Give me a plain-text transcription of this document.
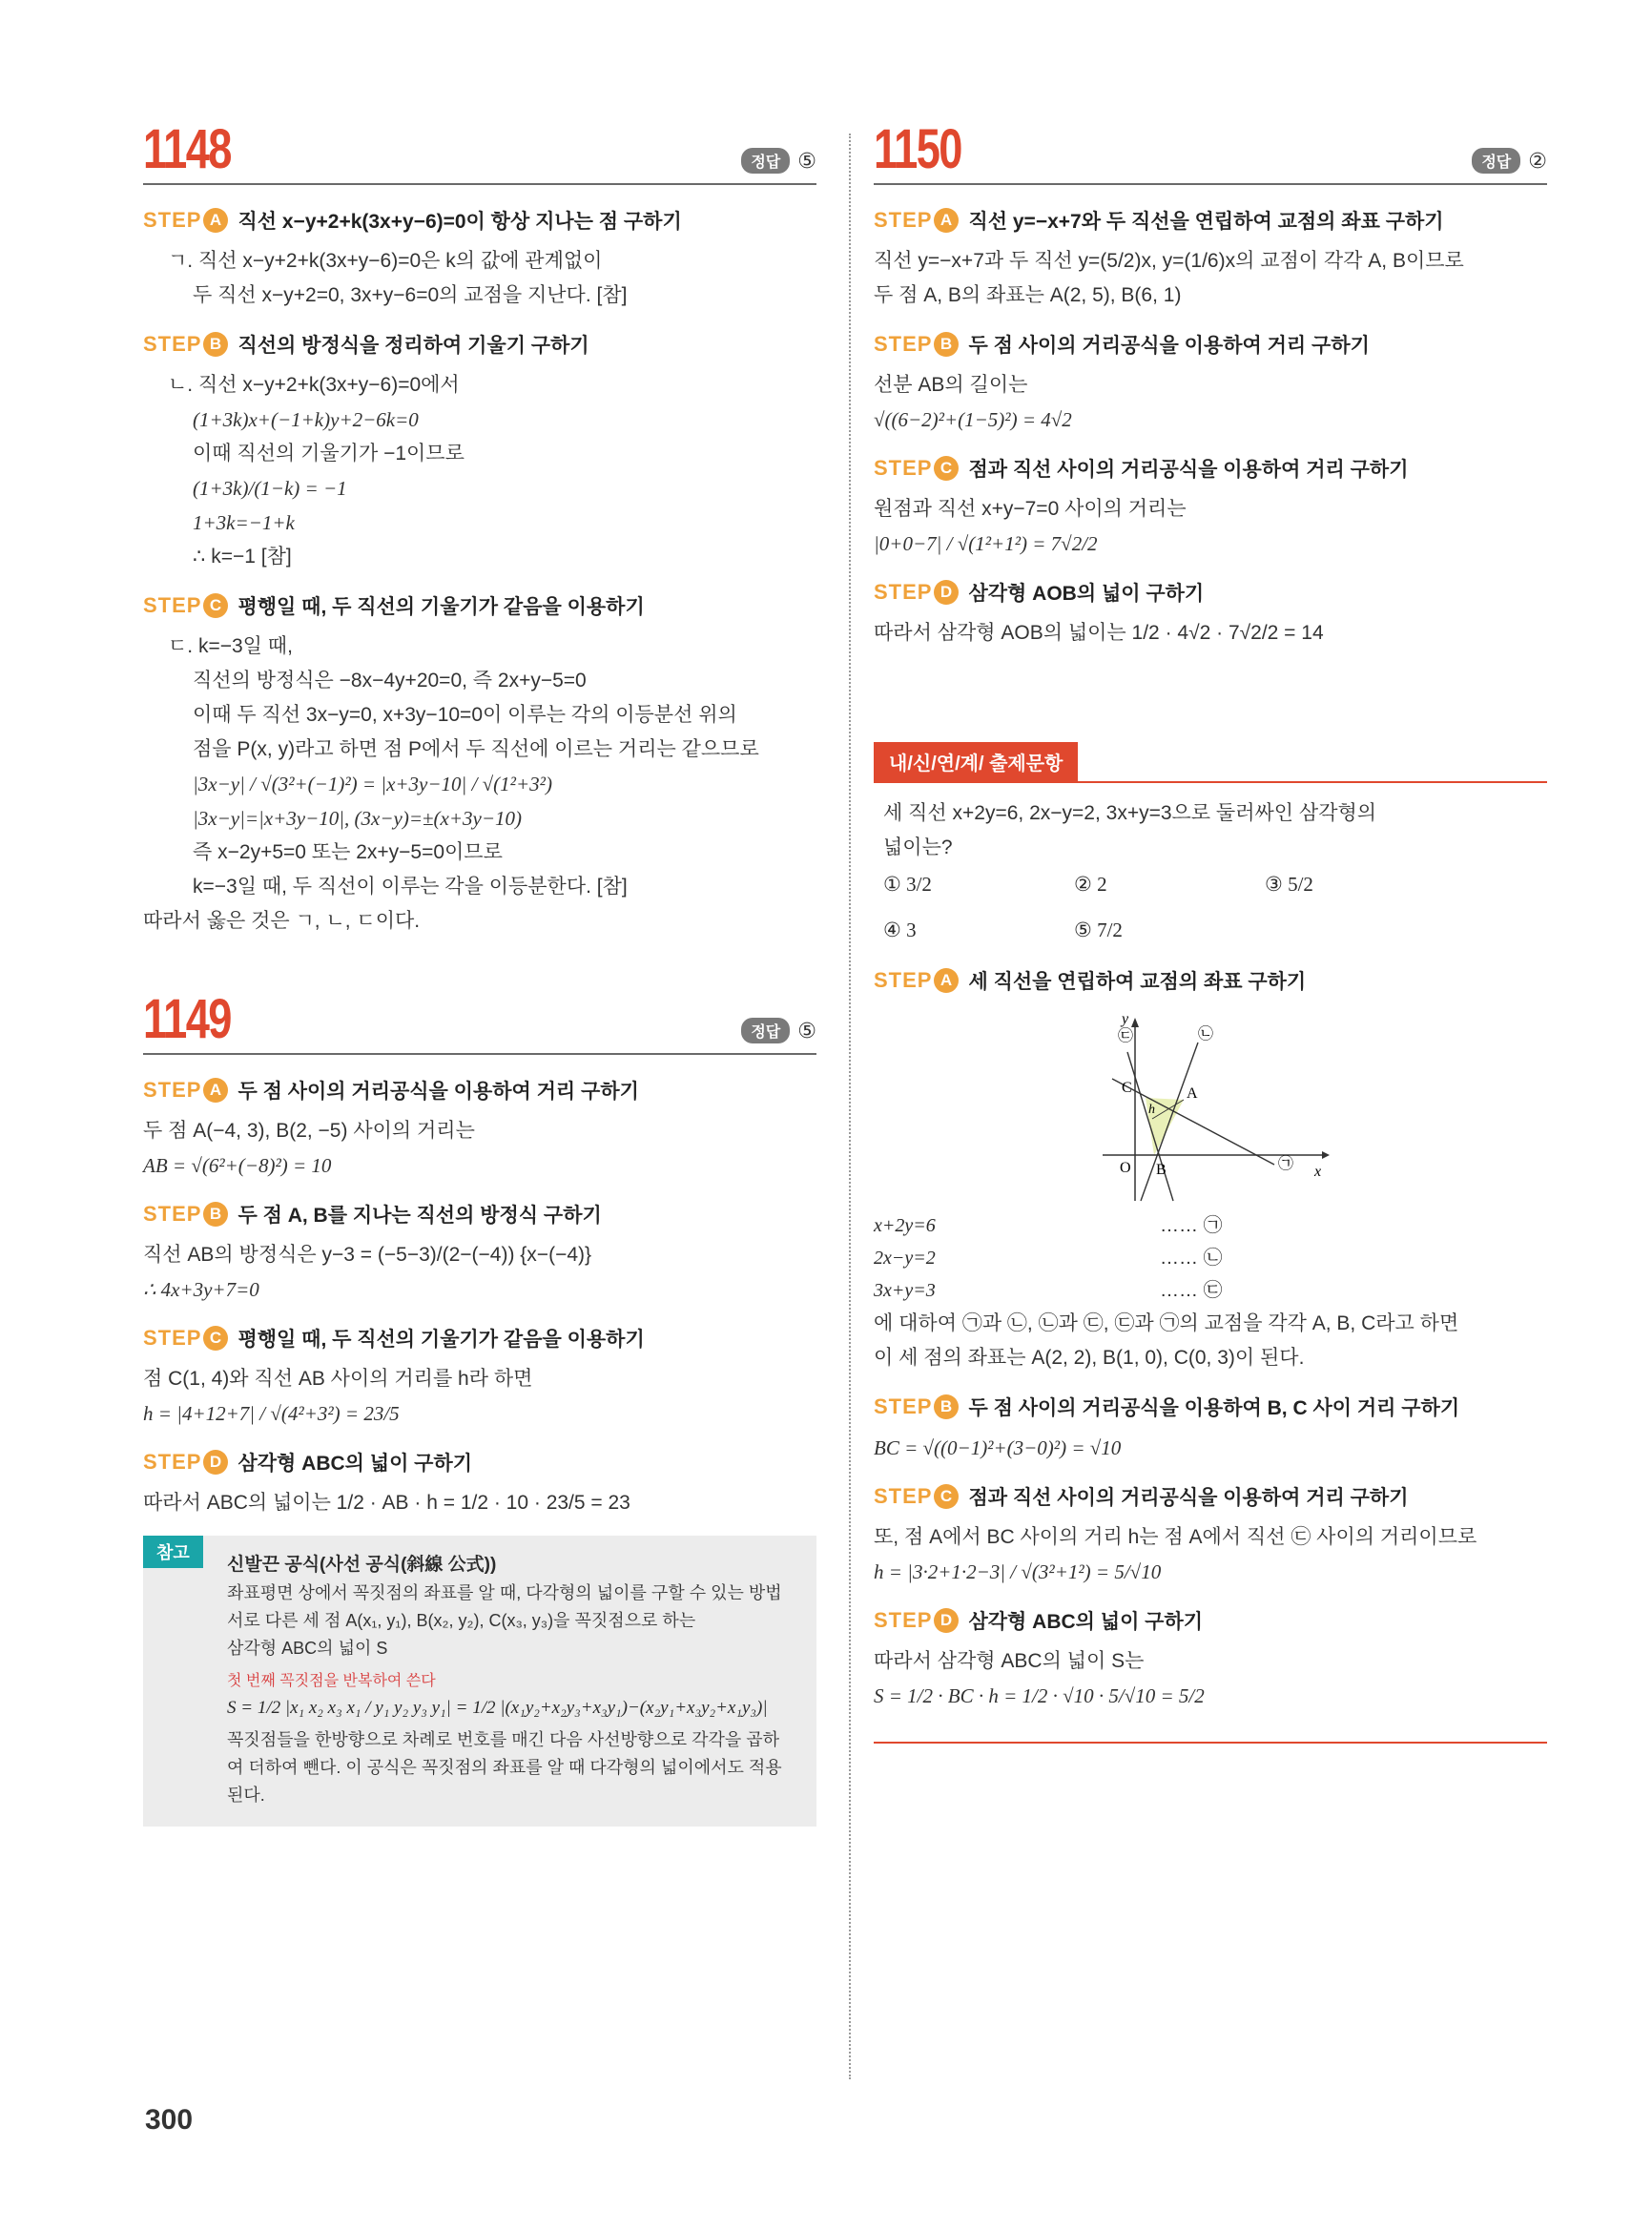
1148	정답 ⑤
STEP A 직선 x−y+2+k(3x+y−6)=0이 항상 지나는 점 구하기
ㄱ. 직선 x−y+2+k(3x+y−6)=0은 k의 값에 관계없이
두 직선 x−y+2=0, 3x+y−6=0의 교점을 지난다. [참]
STEP B 직선의 방정식을 정리하여 기울기 구하기
ㄴ. 직선 x−y+2+k(3x+y−6)=0에서
(1+3k)x+(−1+k)y+2−6k=0
이때 직선의 기울기가 −1이므로
(1+3k)/(1−k) = −1
1+3k=−1+k
∴ k=−1 [참]
STEP C 평행일 때, 두 직선의 기울기가 같음을 이용하기
ㄷ. k=−3일 때,
직선의 방정식은 −8x−4y+20=0, 즉 2x+y−5=0
이때 두 직선 3x−y=0, x+3y−10=0이 이루는 각의 이등분선 위의
점을 P(x, y)라고 하면 점 P에서 두 직선에 이르는 거리는 같으므로
|3x−y| / √(3²+(−1)²) = |x+3y−10| / √(1²+3²)
|3x−y|=|x+3y−10|, (3x−y)=±(x+3y−10)
즉 x−2y+5=0 또는 2x+y−5=0이므로
k=−3일 때, 두 직선이 이루는 각을 이등분한다. [참]
따라서 옳은 것은 ㄱ, ㄴ, ㄷ이다.
1149	정답 ⑤
STEP A 두 점 사이의 거리공식을 이용하여 거리 구하기
두 점 A(−4, 3), B(2, −5) 사이의 거리는
AB = √(6²+(−8)²) = 10
STEP B 두 점 A, B를 지나는 직선의 방정식 구하기
직선 AB의 방정식은 y−3 = (−5−3)/(2−(−4)) {x−(−4)}
∴ 4x+3y+7=0
STEP C 평행일 때, 두 직선의 기울기가 같음을 이용하기
점 C(1, 4)와 직선 AB 사이의 거리를 h라 하면
h = |4+12+7| / √(4²+3²) = 23/5
STEP D 삼각형 ABC의 넓이 구하기
따라서 ABC의 넓이는 1/2 · AB · h = 1/2 · 10 · 23/5 = 23
참고
신발끈 공식(사선 공식(斜線 公式))
좌표평면 상에서 꼭짓점의 좌표를 알 때, 다각형의 넓이를 구할 수 있는 방법
서로 다른 세 점 A(x₁, y₁), B(x₂, y₂), C(x₃, y₃)을 꼭짓점으로 하는
삼각형 ABC의 넓이 S
첫 번째 꼭짓점을 반복하여 쓴다
S = 1/2 |x₁ x₂ x₃ x₁ / y₁ y₂ y₃ y₁| = 1/2 |(x₁y₂+x₂y₃+x₃y₁)−(x₂y₁+x₃y₂+x₁y₃)|
꼭짓점들을 한방향으로 차례로 번호를 매긴 다음 사선방향으로 각각을 곱하
여 더하여 뺀다. 이 공식은 꼭짓점의 좌표를 알 때 다각형의 넓이에서도 적용
된다.
1150	정답 ②
STEP A 직선 y=−x+7와 두 직선을 연립하여 교점의 좌표 구하기
직선 y=−x+7과 두 직선 y=(5/2)x, y=(1/6)x의 교점이 각각 A, B이므로
두 점 A, B의 좌표는 A(2, 5), B(6, 1)
STEP B 두 점 사이의 거리공식을 이용하여 거리 구하기
선분 AB의 길이는
√((6−2)²+(1−5)²) = 4√2
STEP C 점과 직선 사이의 거리공식을 이용하여 거리 구하기
원점과 직선 x+y−7=0 사이의 거리는
|0+0−7| / √(1²+1²) = 7√2/2
STEP D 삼각형 AOB의 넓이 구하기
따라서 삼각형 AOB의 넓이는 1/2 · 4√2 · 7√2/2 = 14
내/신/연/계/ 출제문항
세 직선 x+2y=6, 2x−y=2, 3x+y=3으로 둘러싸인 삼각형의
넓이는?
① 3/2	② 2	③ 5/2
④ 3	⑤ 7/2
STEP A 세 직선을 연립하여 교점의 좌표 구하기
y
x
O
A
B
C
h
㉠
㉡
㉢
x+2y=6	…… ㉠
2x−y=2	…… ㉡
3x+y=3	…… ㉢
에 대하여 ㉠과 ㉡, ㉡과 ㉢, ㉢과 ㉠의 교점을 각각 A, B, C라고 하면
이 세 점의 좌표는 A(2, 2), B(1, 0), C(0, 3)이 된다.
STEP B 두 점 사이의 거리공식을 이용하여 B, C 사이 거리 구하기
BC = √((0−1)²+(3−0)²) = √10
STEP C 점과 직선 사이의 거리공식을 이용하여 거리 구하기
또, 점 A에서 BC 사이의 거리 h는 점 A에서 직선 ㉢ 사이의 거리이므로
h = |3·2+1·2−3| / √(3²+1²) = 5/√10
STEP D 삼각형 ABC의 넓이 구하기
따라서 삼각형 ABC의 넓이 S는
S = 1/2 · BC · h = 1/2 · √10 · 5/√10 = 5/2
300
